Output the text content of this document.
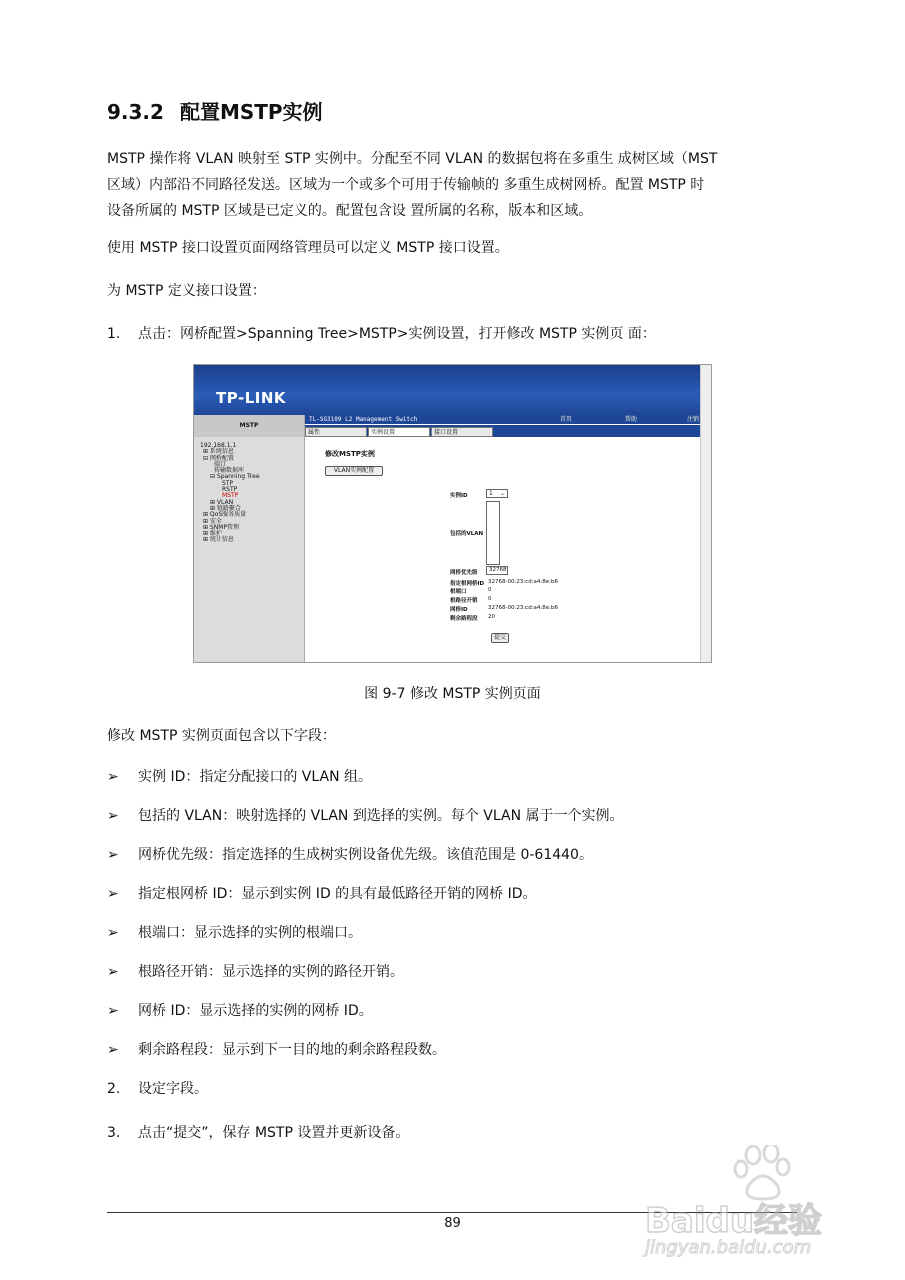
9.3.2 配置MSTP实例
MSTP 操作将 VLAN 映射至 STP 实例中。分配至不同 VLAN 的数据包将在多重生 成树区域（MST
区域）内部沿不同路径发送。区域为一个或多个可用于传输帧的 多重生成树网桥。配置 MSTP 时
设备所属的 MSTP 区域是已定义的。配置包含设 置所属的名称，版本和区域。
使用 MSTP 接口设置页面网络管理员可以定义 MSTP 接口设置。
为 MSTP 定义接口设置：
1. 点击：网桥配置>Spanning Tree>MSTP>实例设置，打开修改 MSTP 实例页 面：
TP-LINK
MSTP
192.168.1.1
⊞ 系统信息
⊟ 网桥配置
端口
传输数据库
⊟ Spanning Tree
STP
RSTP
MSTP
⊞ VLAN
⊞ 链路聚合
⊞ QoS服务质量
⊞ 安全
⊞ SNMP管理
⊞ 维护
⊞ 统计信息
TL-SG3109 L2 Management Switch	首页	帮助	注销
属性	实例设置	接口设置
修改MSTP实例
VLAN实例配置
实例ID	1 ⌄
包括的VLAN
网桥优先级	32768
指定根网桥ID 32768-00:23:cd:a4:8e:b6
根端口	0
根路径开销 0
网桥ID	32768-00:23:cd:a4:8e:b6
剩余路程段 20
提交
图 9-7 修改 MSTP 实例页面
修改 MSTP 实例页面包含以下字段：
➢ 实例 ID：指定分配接口的 VLAN 组。
➢ 包括的 VLAN：映射选择的 VLAN 到选择的实例。每个 VLAN 属于一个实例。
➢ 网桥优先级：指定选择的生成树实例设备优先级。该值范围是 0-61440。
➢ 指定根网桥 ID：显示到实例 ID 的具有最低路径开销的网桥 ID。
➢ 根端口：显示选择的实例的根端口。
➢ 根路径开销：显示选择的实例的路径开销。
➢ 网桥 ID：显示选择的实例的网桥 ID。
➢ 剩余路程段：显示到下一目的地的剩余路程段数。
2. 设定字段。
3. 点击“提交”，保存 MSTP 设置并更新设备。
89	Baidu经验
jingyan.baidu.com
